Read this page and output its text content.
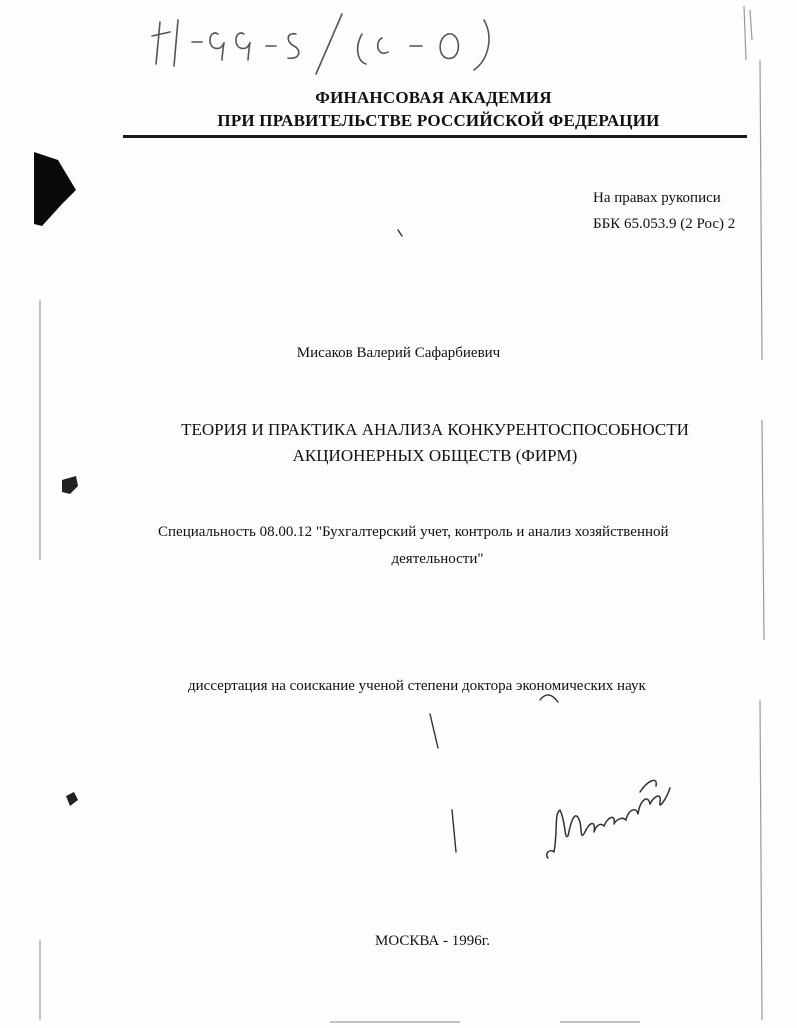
ФИНАНСОВАЯ АКАДЕМИЯ
ПРИ ПРАВИТЕЛЬСТВЕ РОССИЙСКОЙ ФЕДЕРАЦИИ
На правах рукописи
ББК 65.053.9 (2 Рос) 2
Мисаков Валерий Сафарбиевич
ТЕОРИЯ И ПРАКТИКА АНАЛИЗА КОНКУРЕНТОСПОСОБНОСТИ
АКЦИОНЕРНЫХ ОБЩЕСТВ (ФИРМ)
Специальность 08.00.12 "Бухгалтерский учет, контроль и анализ хозяйственной
деятельности"
диссертация на соискание ученой степени доктора экономических наук
МОСКВА - 1996г.
